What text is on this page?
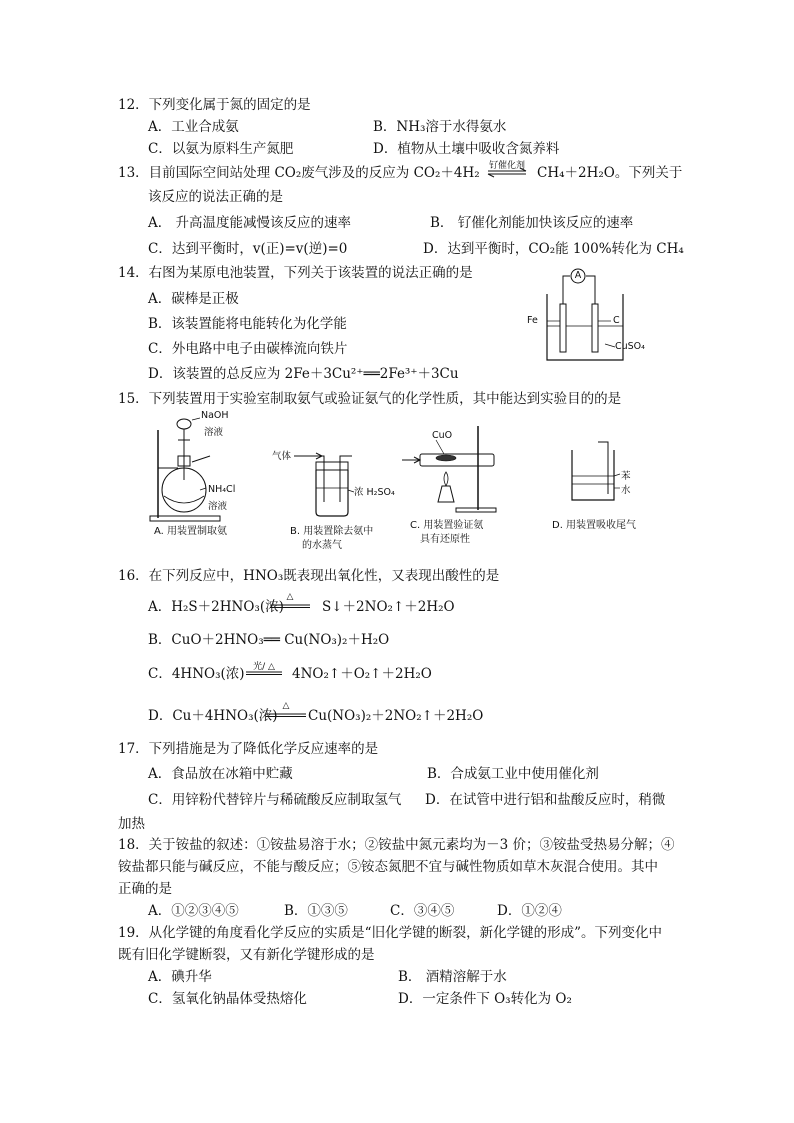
12．下列变化属于氮的固定的是
A．工业合成氨	B．NH₃溶于水得氨水
C．以氨为原料生产氮肥	D．植物从土壤中吸收含氮养料
13．目前国际空间站处理 CO₂废气涉及的反应为 CO₂＋4H₂	钌催化剂 CH₄＋2H₂O。下列关于
该反应的说法正确的是
A． 升高温度能减慢该反应的速率	B． 钌催化剂能加快该反应的速率
C．达到平衡时，v(正)=v(逆)=0	D．达到平衡时，CO₂能 100%转化为 CH₄
14．右图为某原电池装置，下列关于该装置的说法正确的是
A．碳棒是正极
B．该装置能将电能转化为化学能
C．外电路中电子由碳棒流向铁片
D．该装置的总反应为 2Fe＋3Cu²⁺══2Fe³⁺＋3Cu
A
Fe	C
CuSO₄
15．下列装置用于实验室制取氨气或验证氨气的化学性质，其中能达到实验目的的是
NaOH
溶液
NH₄Cl
溶液
A. 用装置制取氨
气体
浓 H₂SO₄
B. 用装置除去氨中
的水蒸气
CuO
C. 用装置验证氨
具有还原性
苯
水
D. 用装置吸收尾气
16．在下列反应中，HNO₃既表现出氧化性，又表现出酸性的是
A．H₂S＋2HNO₃(浓)
△
S↓＋2NO₂↑＋2H₂O
B．CuO＋2HNO₃══ Cu(NO₃)₂＋H₂O
C．4HNO₃(浓) 光/ △	4NO₂↑＋O₂↑＋2H₂O
D．Cu＋4HNO₃(浓)
△
Cu(NO₃)₂＋2NO₂↑＋2H₂O
17．下列措施是为了降低化学反应速率的是
A．食品放在冰箱中贮藏	B．合成氨工业中使用催化剂
C．用锌粉代替锌片与稀硫酸反应制取氢气 D．在试管中进行铝和盐酸反应时，稍微
加热
18．关于铵盐的叙述：①铵盐易溶于水；②铵盐中氮元素均为－3 价；③铵盐受热易分解；④
铵盐都只能与碱反应，不能与酸反应；⑤铵态氮肥不宜与碱性物质如草木灰混合使用。其中
正确的是
A．①②③④⑤	B．①③⑤	C．③④⑤	D．①②④
19．从化学键的角度看化学反应的实质是“旧化学键的断裂，新化学键的形成”。下列变化中
既有旧化学键断裂，又有新化学键形成的是
A．碘升华	B． 酒精溶解于水
C．氢氧化钠晶体受热熔化	D．一定条件下 O₃转化为 O₂
